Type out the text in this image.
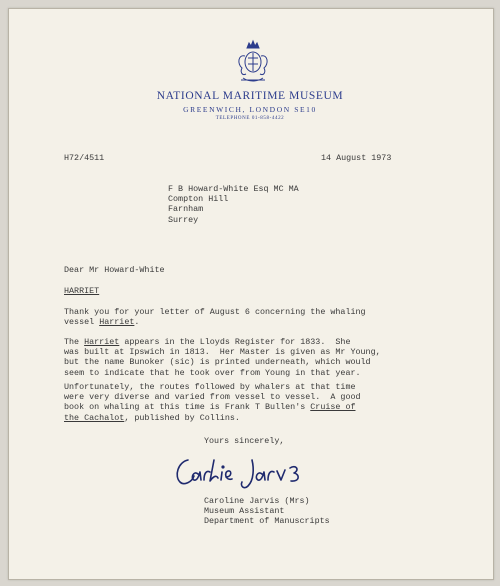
NATIONAL MARITIME MUSEUM
GREENWICH, LONDON SE10
TELEPHONE 01-858-4422

H72/4511	14 August 1973

F B Howard-White Esq MC MA
Compton Hill
Farnham
Surrey

Dear Mr Howard-White

HARRIET

Thank you for your letter of August 6 concerning the whaling
vessel Harriet.
The Harriet appears in the Lloyds Register for 1833.  She
was built at Ipswich in 1813.  Her Master is given as Mr Young,
but the name Bunoker (sic) is printed underneath, which would
seem to indicate that he took over from Young in that year.
Unfortunately, the routes followed by whalers at that time
were very diverse and varied from vessel to vessel.  A good
book on whaling at this time is Frank T Bullen's Cruise of
the Cachalot, published by Collins.

Yours sincerely,

Caroline Jarvis (Mrs)
Museum Assistant
Department of Manuscripts
